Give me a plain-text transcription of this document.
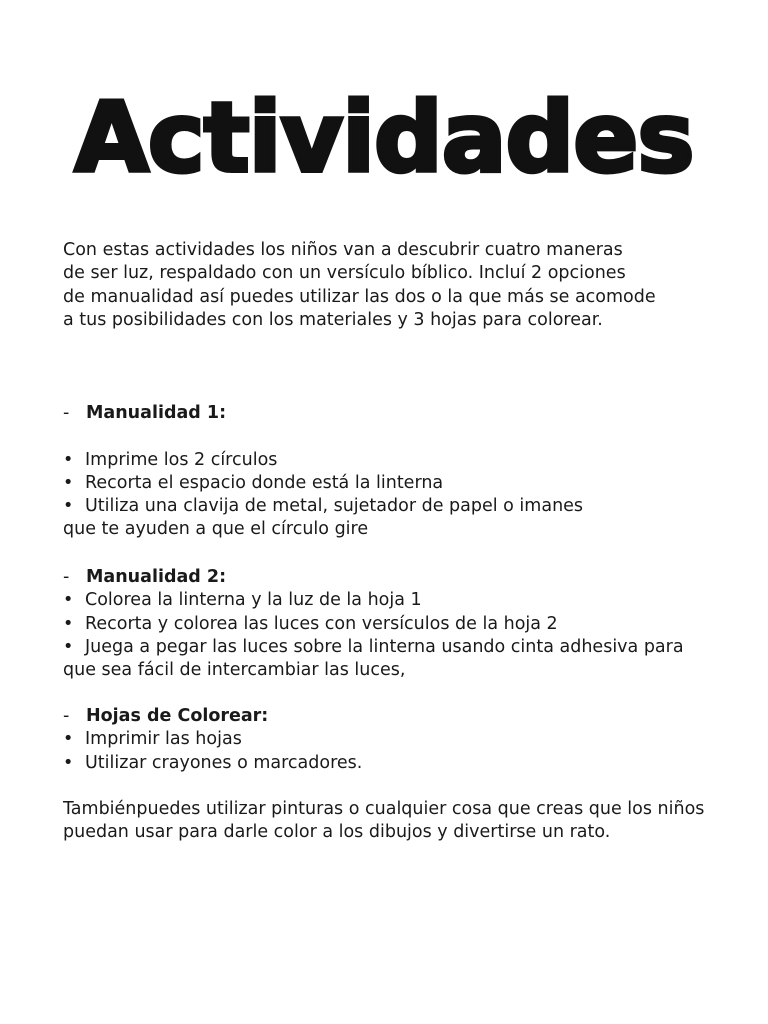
Actividades
Con estas actividades los niños van a descubrir cuatro maneras
de ser luz, respaldado con un versículo bíblico. Incluí 2 opciones
de manualidad así puedes utilizar las dos o la que más se acomode
a tus posibilidades con los materiales y 3 hojas para colorear.
- Manualidad 1:
• Imprime los 2 círculos
• Recorta el espacio donde está la linterna
• Utiliza una clavija de metal, sujetador de papel o imanes
que te ayuden a que el círculo gire
- Manualidad 2:
• Colorea la linterna y la luz de la hoja 1
• Recorta y colorea las luces con versículos de la hoja 2
• Juega a pegar las luces sobre la linterna usando cinta adhesiva para
que sea fácil de intercambiar las luces,
- Hojas de Colorear:
• Imprimir las hojas
• Utilizar crayones o marcadores.
Tambiénpuedes utilizar pinturas o cualquier cosa que creas que los niños
puedan usar para darle color a los dibujos y divertirse un rato.
